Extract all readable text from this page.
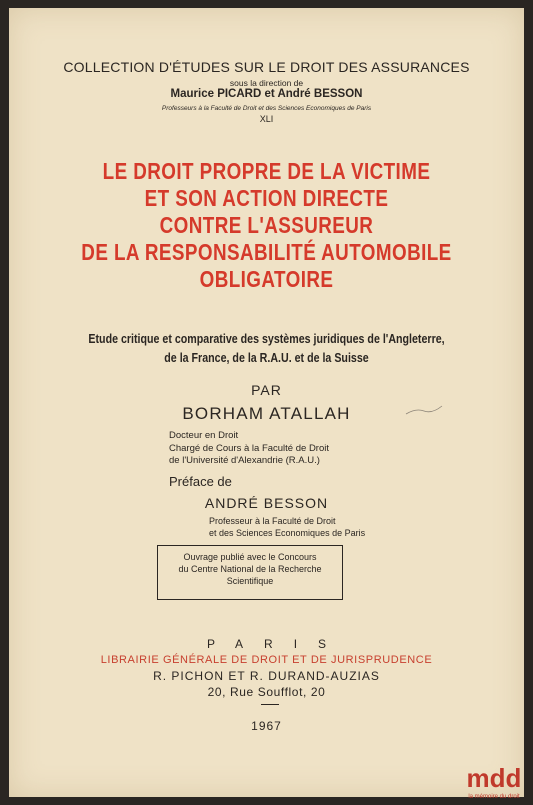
COLLECTION D'ÉTUDES SUR LE DROIT DES ASSURANCES
sous la direction de
Maurice PICARD et André BESSON
Professeurs à la Faculté de Droit et des Sciences Economiques de Paris
XLI
LE DROIT PROPRE DE LA VICTIME
ET SON ACTION DIRECTE
CONTRE L'ASSUREUR
DE LA RESPONSABILITÉ AUTOMOBILE
OBLIGATOIRE
Etude critique et comparative des systèmes juridiques de l'Angleterre,
de la France, de la R.A.U. et de la Suisse
PAR
BORHAM ATALLAH
Docteur en Droit
Chargé de Cours à la Faculté de Droit
de l'Université d'Alexandrie (R.A.U.)
Préface de
ANDRÉ BESSON
Professeur à la Faculté de Droit
et des Sciences Economiques de Paris
Ouvrage publié avec le Concours
du Centre National de la Recherche
Scientifique
PARIS
LIBRAIRIE GÉNÉRALE DE DROIT ET DE JURISPRUDENCE
R. PICHON ET R. DURAND-AUZIAS
20, Rue Soufflot, 20
1967
mdd
la mémoire du droit
